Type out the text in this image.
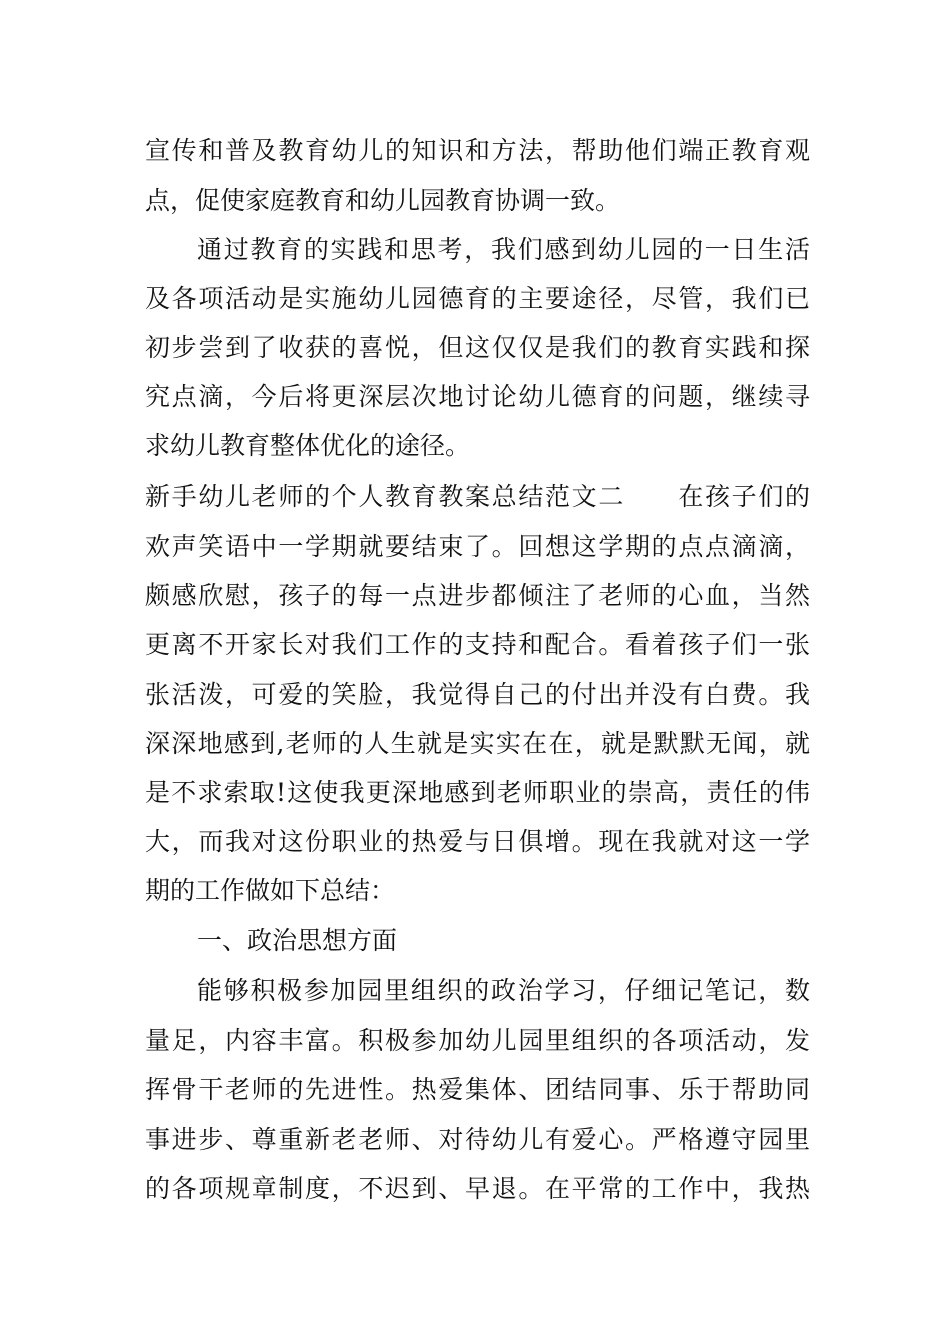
宣传和普及教育幼儿的知识和方法，帮助他们端正教育观
点，促使家庭教育和幼儿园教育协调一致。
通过教育的实践和思考，我们感到幼儿园的一日生活
及各项活动是实施幼儿园德育的主要途径，尽管，我们已
初步尝到了收获的喜悦，但这仅仅是我们的教育实践和探
究点滴，今后将更深层次地讨论幼儿德育的问题，继续寻
求幼儿教育整体优化的途径。
新手幼儿老师的个人教育教案总结范文二　　在孩子们的
欢声笑语中一学期就要结束了。回想这学期的点点滴滴，
颇感欣慰，孩子的每一点进步都倾注了老师的心血，当然
更离不开家长对我们工作的支持和配合。看着孩子们一张
张活泼，可爱的笑脸，我觉得自己的付出并没有白费。我
深深地感到,老师的人生就是实实在在，就是默默无闻，就
是不求索取!这使我更深地感到老师职业的崇高，责任的伟
大，而我对这份职业的热爱与日俱增。现在我就对这一学
期的工作做如下总结：
一、政治思想方面
能够积极参加园里组织的政治学习，仔细记笔记，数
量足，内容丰富。积极参加幼儿园里组织的各项活动，发
挥骨干老师的先进性。热爱集体、团结同事、乐于帮助同
事进步、尊重新老老师、对待幼儿有爱心。严格遵守园里
的各项规章制度，不迟到、早退。在平常的工作中，我热
